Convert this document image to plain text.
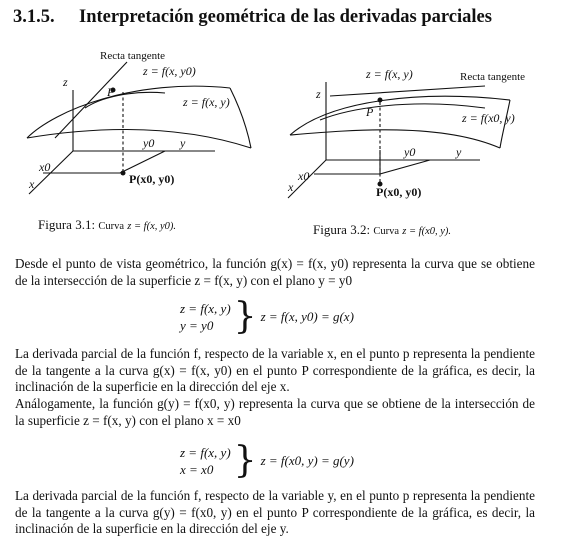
3.1.5. Interpretación geométrica de las derivadas parciales
Recta tangente
z = f(x, y0)
z = f(x, y)
z
y
x
x0
y0
P
P(x0, y0)
Figura 3.1: Curva z = f(x, y0).
z = f(x, y)	Recta tangente
z = f(x0, y)
z
y
x
x0
y0
P
P(x0, y0)
Figura 3.2: Curva z = f(x0, y).
Desde el punto de vista geométrico, la función g(x) = f(x, y0) representa la curva que se obtiene de la intersección de la superficie z = f(x, y) con el plano y = y0
z = f(x, y)
y = y0 } z = f(x, y0) = g(x)
La derivada parcial de la función f, respecto de la variable x, en el punto p representa la pendiente de la tangente a la curva g(x) = f(x, y0) en el punto P correspondiente de la gráfica, es decir, la inclinación de la superficie en la dirección del eje x.
Análogamente, la función g(y) = f(x0, y) representa la curva que se obtiene de la intersección de la superficie z = f(x, y) con el plano x = x0
z = f(x, y)
x = x0 } z = f(x0, y) = g(y)
La derivada parcial de la función f, respecto de la variable y, en el punto p representa la pendiente de la tangente a la curva g(y) = f(x0, y) en el punto P correspondiente de la gráfica, es decir, la inclinación de la superficie en la dirección del eje y.
